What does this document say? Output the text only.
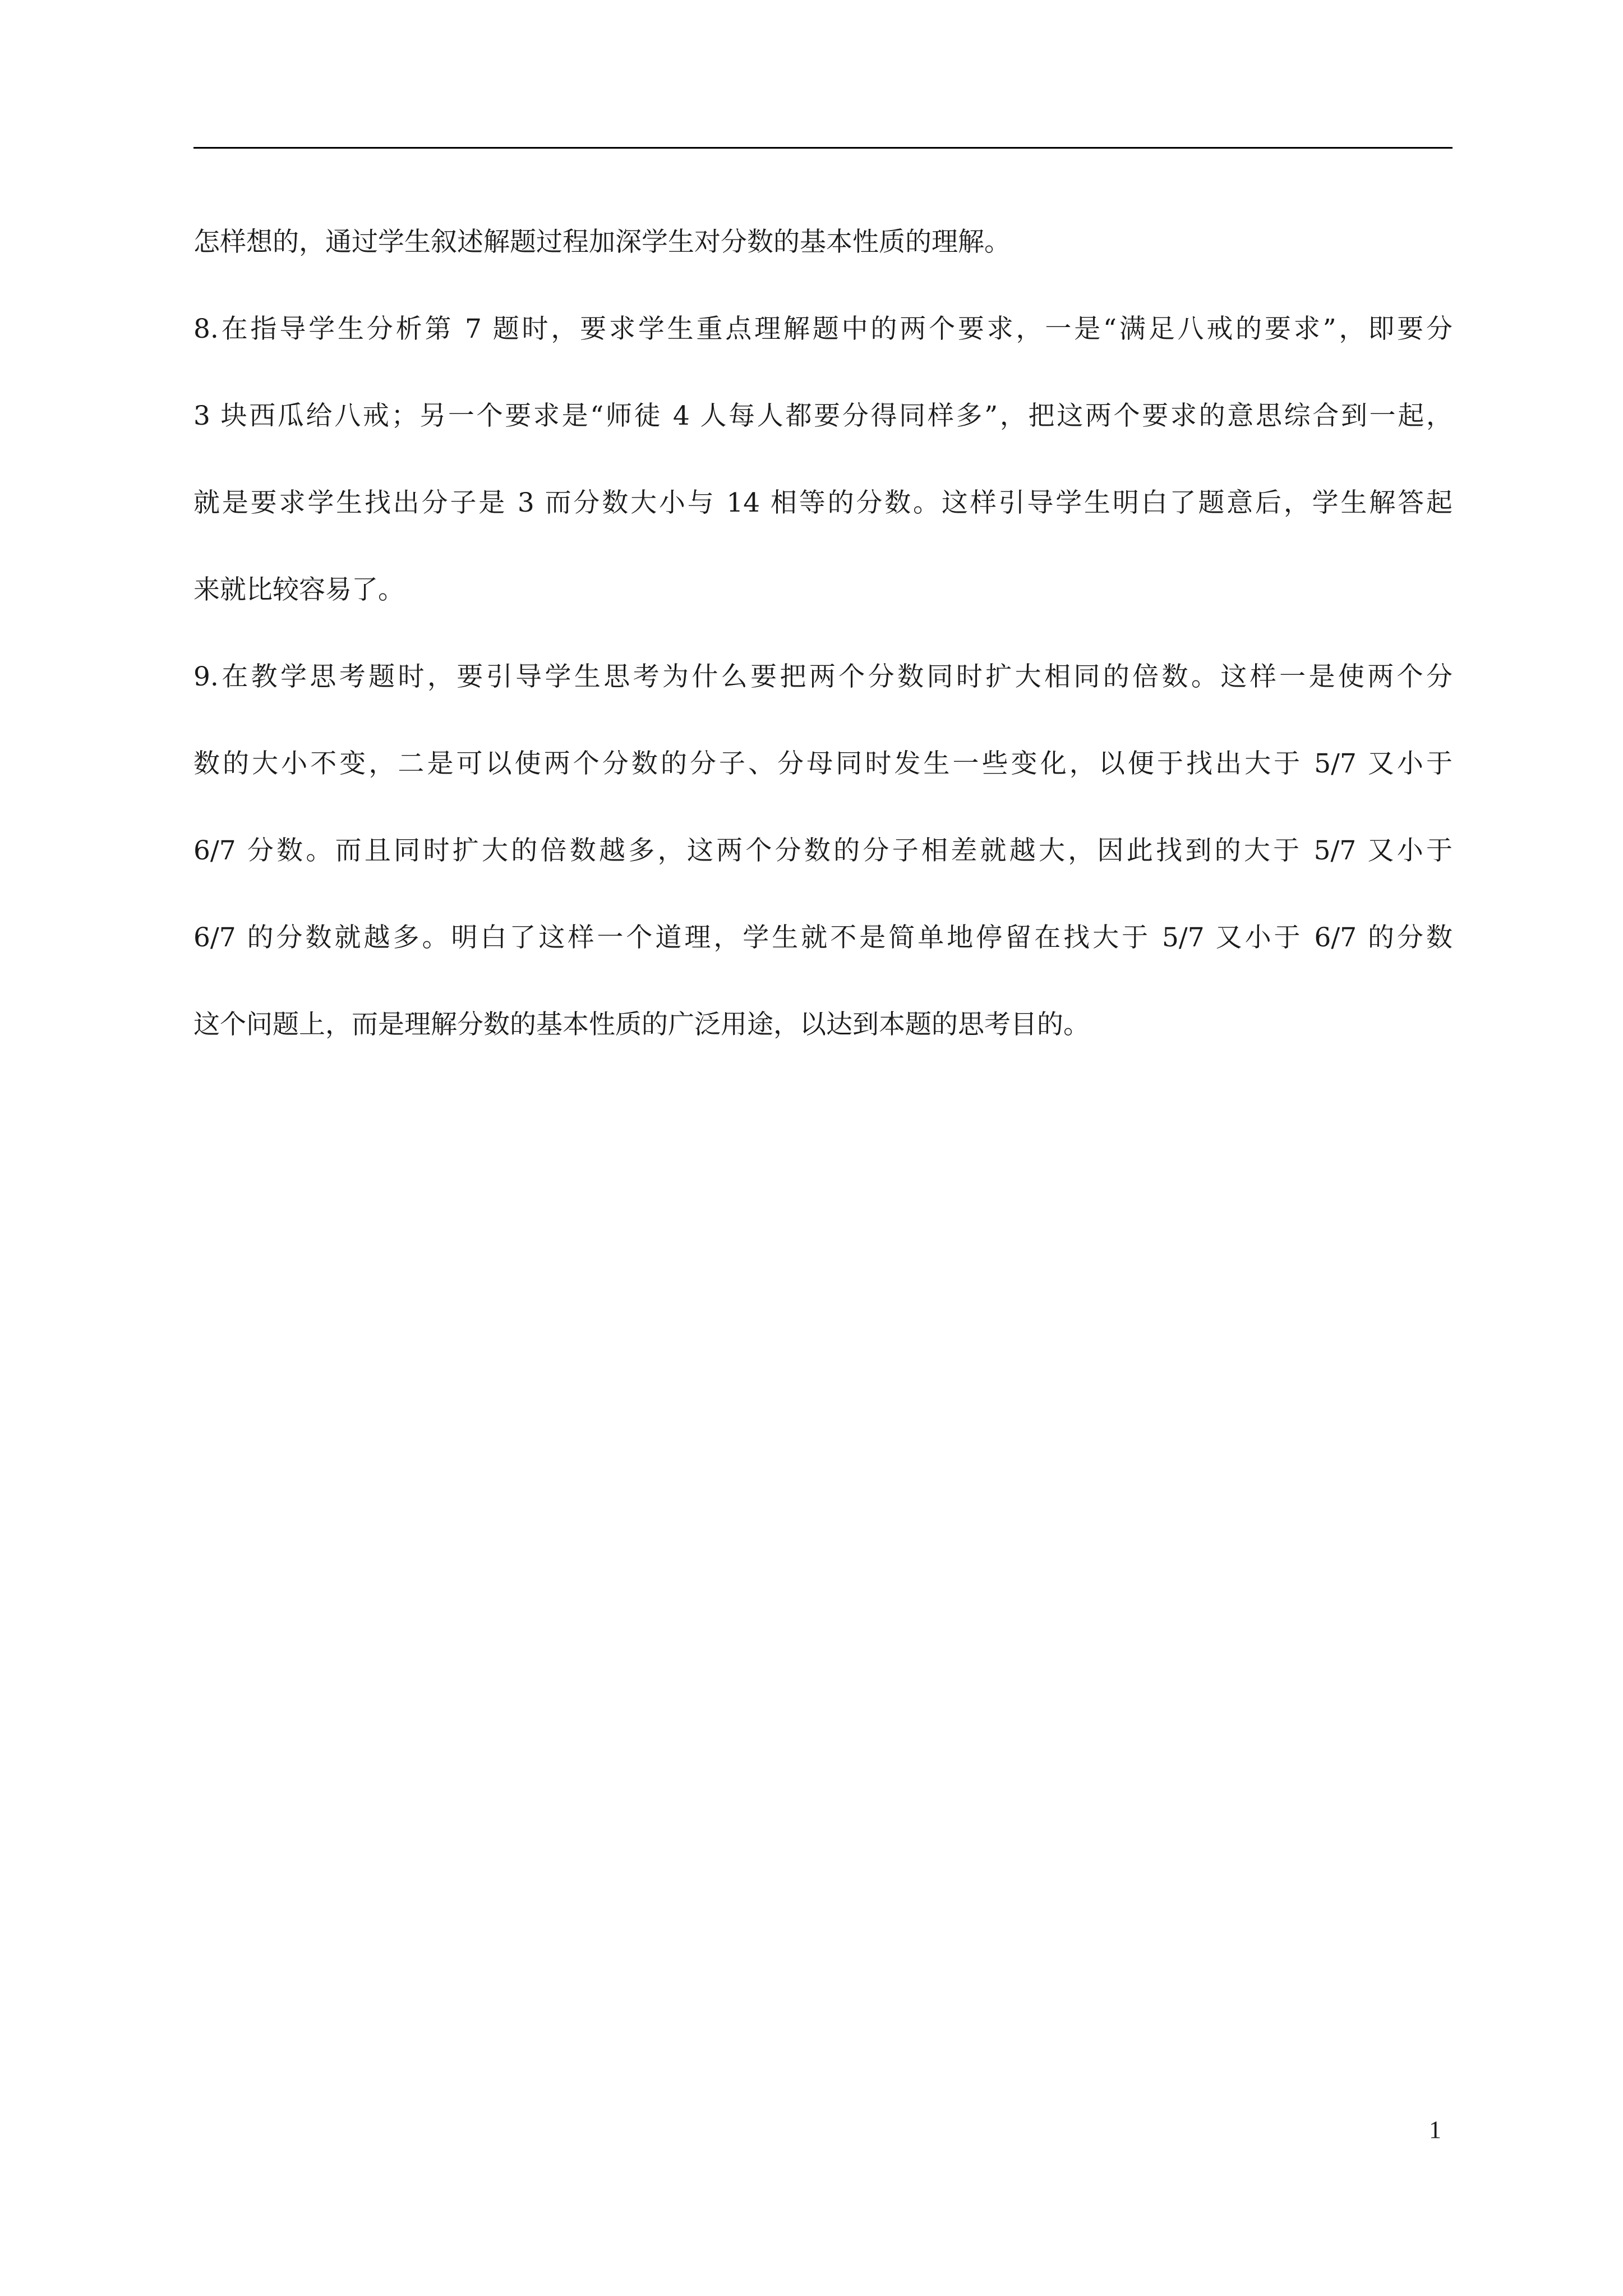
怎样想的，通过学生叙述解题过程加深学生对分数的基本性质的理解。
8.在指导学生分析第 7 题时，要求学生重点理解题中的两个要求，一是“满足八戒的要求”，即要分
3 块西瓜给八戒；另一个要求是“师徒 4 人每人都要分得同样多”，把这两个要求的意思综合到一起，
就是要求学生找出分子是 3 而分数大小与 14 相等的分数。这样引导学生明白了题意后，学生解答起
来就比较容易了。
9.在教学思考题时，要引导学生思考为什么要把两个分数同时扩大相同的倍数。这样一是使两个分
数的大小不变，二是可以使两个分数的分子、分母同时发生一些变化，以便于找出大于 5/7 又小于
6/7 分数。而且同时扩大的倍数越多，这两个分数的分子相差就越大，因此找到的大于 5/7 又小于
6/7 的分数就越多。明白了这样一个道理，学生就不是简单地停留在找大于 5/7 又小于 6/7 的分数
这个问题上，而是理解分数的基本性质的广泛用途，以达到本题的思考目的。
1
